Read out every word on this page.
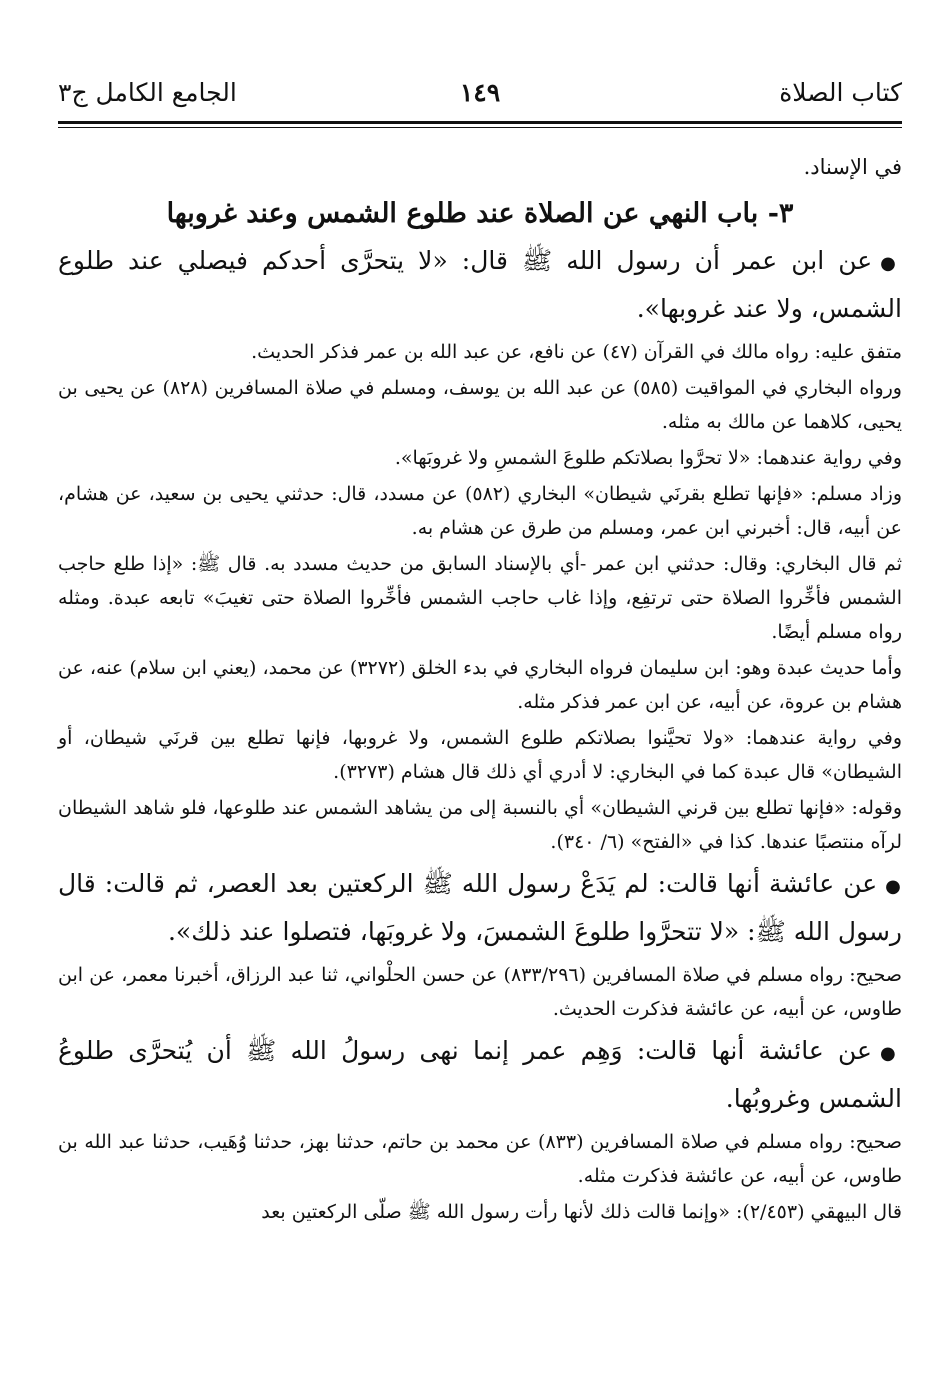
كتاب الصلاة
١٤٩
الجامع الكامل ج٣

في الإسناد.

٣- باب النهي عن الصلاة عند طلوع الشمس وعند غروبها

●عن ابن عمر أن رسول الله ﷺ قال: «لا يتحرَّى أحدكم فيصلي عند طلوع الشمس، ولا عند غروبها».

متفق عليه: رواه مالك في القرآن (٤٧) عن نافع، عن عبد الله بن عمر فذكر الحديث.

ورواه البخاري في المواقيت (٥٨٥) عن عبد الله بن يوسف، ومسلم في صلاة المسافرين (٨٢٨) عن يحيى بن يحيى، كلاهما عن مالك به مثله.

وفي رواية عندهما: «لا تحرَّوا بصلاتكم طلوعَ الشمسِ ولا غروبَها».

وزاد مسلم: «فإنها تطلع بقرنَي شيطان» البخاري (٥٨٢) عن مسدد، قال: حدثني يحيى بن سعيد، عن هشام، عن أبيه، قال: أخبرني ابن عمر، ومسلم من طرق عن هشام به.

ثم قال البخاري: وقال: حدثني ابن عمر -أي بالإسناد السابق من حديث مسدد به. قال ﷺ: «إذا طلع حاجب الشمس فأخِّروا الصلاة حتى ترتفِع، وإذا غاب حاجب الشمس فأخِّروا الصلاة حتى تغيبَ» تابعه عبدة. ومثله رواه مسلم أيضًا.

وأما حديث عبدة وهو: ابن سليمان فرواه البخاري في بدء الخلق (٣٢٧٢) عن محمد، (يعني ابن سلام) عنه، عن هشام بن عروة، عن أبيه، عن ابن عمر فذكر مثله.

وفي رواية عندهما: «ولا تحيَّنوا بصلاتكم طلوع الشمس، ولا غروبها، فإنها تطلع بين قرنَي شيطان، أو الشيطان» قال عبدة كما في البخاري: لا أدري أي ذلك قال هشام (٣٢٧٣).

وقوله: «فإنها تطلع بين قرني الشيطان» أي بالنسبة إلى من يشاهد الشمس عند طلوعها، فلو شاهد الشيطان لرآه منتصبًا عندها. كذا في «الفتح» (٦/ ٣٤٠).

●عن عائشة أنها قالت: لم يَدَعْ رسول الله ﷺ الركعتين بعد العصر، ثم قالت: قال رسول الله ﷺ: «لا تتحرَّوا طلوعَ الشمسَ، ولا غروبَها، فتصلوا عند ذلك».

صحيح: رواه مسلم في صلاة المسافرين (٨٣٣/٢٩٦) عن حسن الحلْواني، ثنا عبد الرزاق، أخبرنا معمر، عن ابن طاوس، عن أبيه، عن عائشة فذكرت الحديث.

●عن عائشة أنها قالت: وَهِم عمر إنما نهى رسولُ الله ﷺ أن يُتحرَّى طلوعُ الشمس وغروبُها.

صحيح: رواه مسلم في صلاة المسافرين (٨٣٣) عن محمد بن حاتم، حدثنا بهز، حدثنا وُهَيب، حدثنا عبد الله بن طاوس، عن أبيه، عن عائشة فذكرت مثله.

قال البيهقي (٢/٤٥٣): «وإنما قالت ذلك لأنها رأت رسول الله ﷺ صلّى الركعتين بعد
